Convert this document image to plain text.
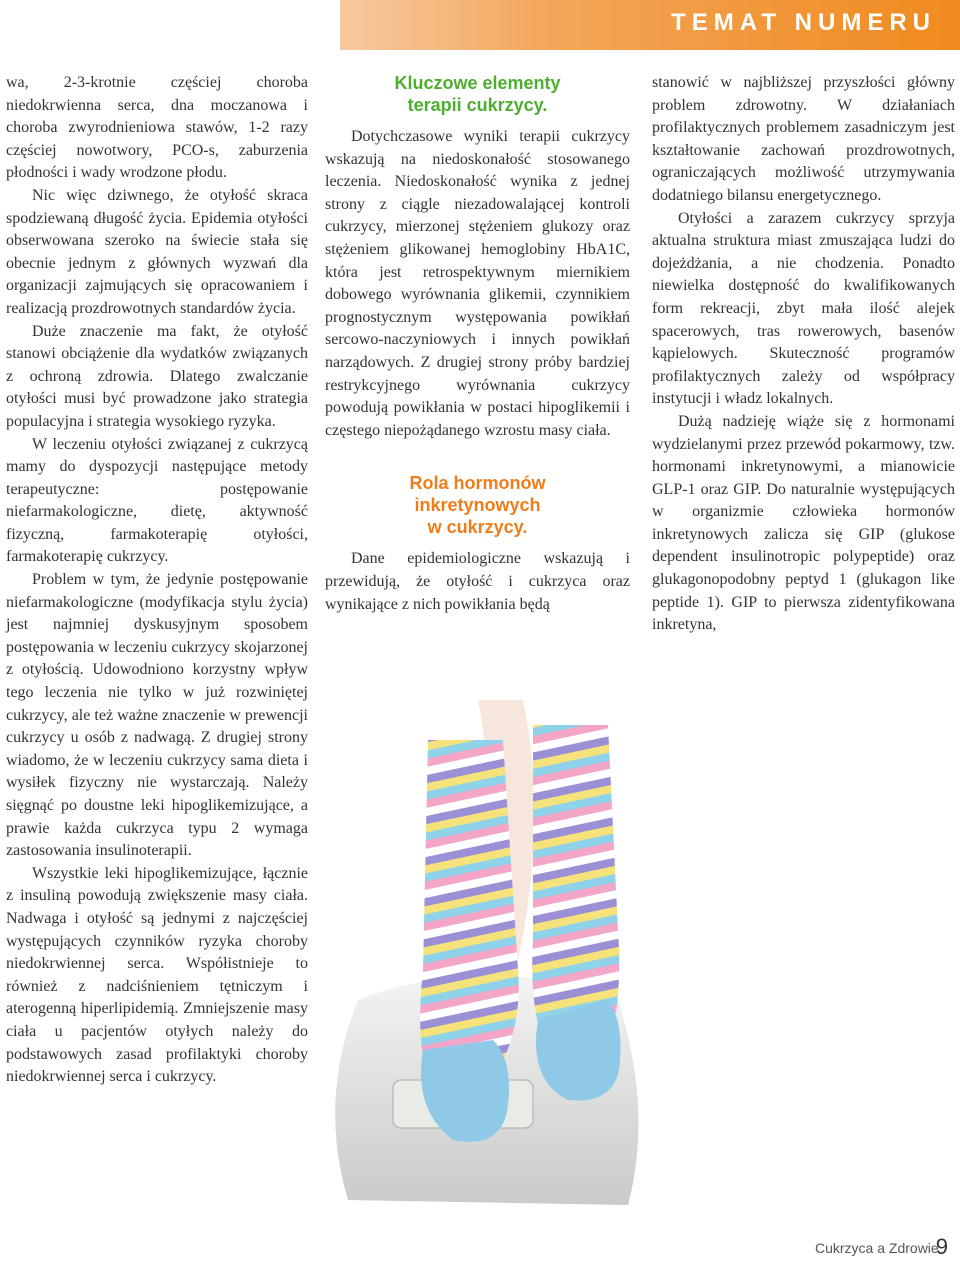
TEMAT NUMERU

wa, 2-3-krotnie częściej choroba niedokrwienna serca, dna moczanowa i choroba zwyrodnieniowa stawów, 1-2 razy częściej nowotwory, PCO-s, zaburzenia płodności i wady wrodzone płodu.

Nic więc dziwnego, że otyłość skraca spodziewaną długość życia. Epidemia otyłości obserwowana szeroko na świecie stała się obecnie jednym z głównych wyzwań dla organizacji zajmujących się opracowaniem i realizacją prozdrowotnych standardów życia.

Duże znaczenie ma fakt, że otyłość stanowi obciążenie dla wydatków związanych z ochroną zdrowia. Dlatego zwalczanie otyłości musi być prowadzone jako strategia populacyjna i strategia wysokiego ryzyka.

W leczeniu otyłości związanej z cukrzycą mamy do dyspozycji następujące metody terapeutyczne: postępowanie niefarmakologiczne, dietę, aktywność fizyczną, farmakoterapię otyłości, farmakoterapię cukrzycy.

Problem w tym, że jedynie postępowanie niefarmakologiczne (modyfikacja stylu życia) jest najmniej dyskusyjnym sposobem postępowania w leczeniu cukrzycy skojarzonej z otyłością. Udowodniono korzystny wpływ tego leczenia nie tylko w już rozwiniętej cukrzycy, ale też ważne znaczenie w prewencji cukrzycy u osób z nadwagą. Z drugiej strony wiadomo, że w leczeniu cukrzycy sama dieta i wysiłek fizyczny nie wystarczają. Należy sięgnąć po doustne leki hipoglikemizujące, a prawie każda cukrzyca typu 2 wymaga zastosowania insulinoterapii.

Wszystkie leki hipoglikemizujące, łącznie z insuliną powodują zwiększenie masy ciała. Nadwaga i otyłość są jednymi z najczęściej występujących czynników ryzyka choroby niedokrwiennej serca. Współistnieje to również z nadciśnieniem tętniczym i aterogenną hiperlipidemią. Zmniejszenie masy ciała u pacjentów otyłych należy do podstawowych zasad profilaktyki choroby niedokrwiennej serca i cukrzycy.

Kluczowe elementy
terapii cukrzycy.

Dotychczasowe wyniki terapii cukrzycy wskazują na niedoskonałość stosowanego leczenia. Niedoskonałość wynika z jednej strony z ciągle niezadowalającej kontroli cukrzycy, mierzonej stężeniem glukozy oraz stężeniem glikowanej hemoglobiny HbA1C, która jest retrospektywnym miernikiem dobowego wyrównania glikemii, czynnikiem prognostycznym występowania powikłań sercowo-naczyniowych i innych powikłań narządowych. Z drugiej strony próby bardziej restrykcyjnego wyrównania cukrzycy powodują powikłania w postaci hipoglikemii i częstego niepożądanego wzrostu masy ciała.

Rola hormonów
inkretynowych
w cukrzycy.

Dane epidemiologiczne wskazują i przewidują, że otyłość i cukrzyca oraz wynikające z nich powikłania będą

stanowić w najbliższej przyszłości główny problem zdrowotny. W działaniach profilaktycznych problemem zasadniczym jest kształtowanie zachowań prozdrowotnych, ograniczających możliwość utrzymywania dodatniego bilansu energetycznego.

Otyłości a zarazem cukrzycy sprzyja aktualna struktura miast zmuszająca ludzi do dojeżdżania, a nie chodzenia. Ponadto niewielka dostępność do kwalifikowanych form rekreacji, zbyt mała ilość alejek spacerowych, tras rowerowych, basenów kąpielowych. Skuteczność programów profilaktycznych zależy od współpracy instytucji i władz lokalnych.

Dużą nadzieję wiąże się z hormonami wydzielanymi przez przewód pokarmowy, tzw. hormonami inkretynowymi, a mianowicie GLP-1 oraz GIP. Do naturalnie występujących w organizmie człowieka hormonów inkretynowych zalicza się GIP (glukose dependent insulinotropic polypeptide) oraz glukagonopodobny peptyd 1 (glukagon like peptide 1). GIP to pierwsza zidentyfikowana inkretyna,

Cukrzyca a Zdrowie
9
